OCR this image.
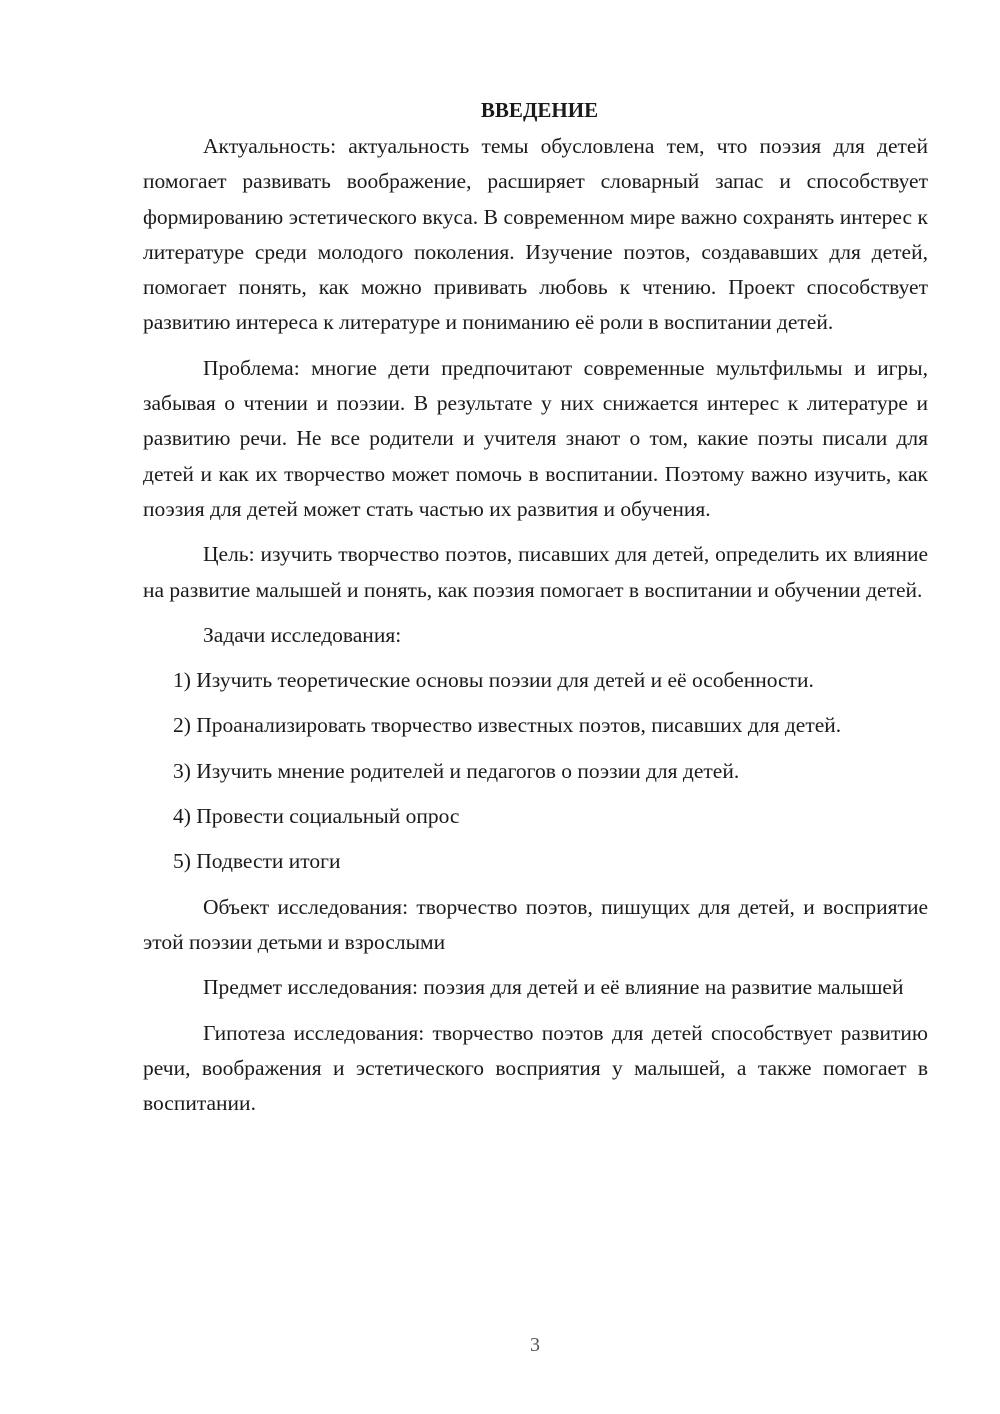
ВВЕДЕНИЕ

Актуальность: актуальность темы обусловлена тем, что поэзия для детей помогает развивать воображение, расширяет словарный запас и способствует формированию эстетического вкуса. В современном мире важно сохранять интерес к литературе среди молодого поколения. Изучение поэтов, создававших для детей, помогает понять, как можно прививать любовь к чтению. Проект способствует развитию интереса к литературе и пониманию её роли в воспитании детей.

Проблема: многие дети предпочитают современные мультфильмы и игры, забывая о чтении и поэзии. В результате у них снижается интерес к литературе и развитию речи. Не все родители и учителя знают о том, какие поэты писали для детей и как их творчество может помочь в воспитании. Поэтому важно изучить, как поэзия для детей может стать частью их развития и обучения.

Цель: изучить творчество поэтов, писавших для детей, определить их влияние на развитие малышей и понять, как поэзия помогает в воспитании и обучении детей.

Задачи исследования:

1) Изучить теоретические основы поэзии для детей и её особенности.

2) Проанализировать творчество известных поэтов, писавших для детей.

3) Изучить мнение родителей и педагогов о поэзии для детей.

4) Провести социальный опрос

5) Подвести итоги

Объект исследования: творчество поэтов, пишущих для детей, и восприятие этой поэзии детьми и взрослыми

Предмет исследования: поэзия для детей и её влияние на развитие малышей

Гипотеза исследования: творчество поэтов для детей способствует развитию речи, воображения и эстетического восприятия у малышей, а также помогает в воспитании.

3
